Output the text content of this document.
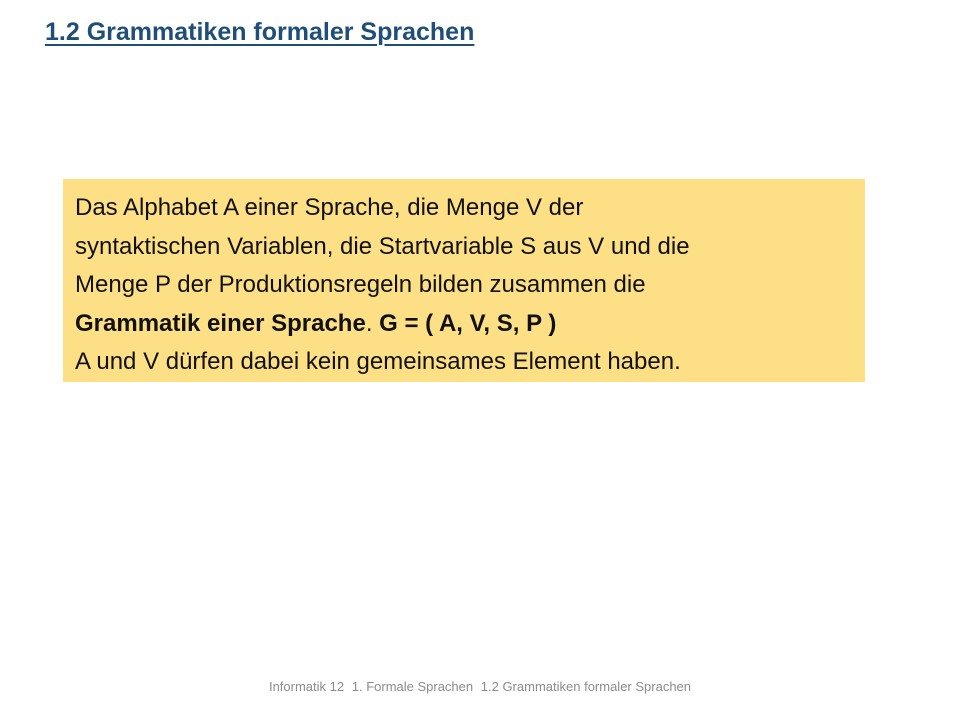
1.2 Grammatiken formaler Sprachen
Das Alphabet A einer Sprache, die Menge V der
syntaktischen Variablen, die Startvariable S aus V und die
Menge P der Produktionsregeln bilden zusammen die
Grammatik einer Sprache. G = ( A, V, S, P )
A und V dürfen dabei kein gemeinsames Element haben.
Informatik 12 1. Formale Sprachen 1.2 Grammatiken formaler Sprachen
